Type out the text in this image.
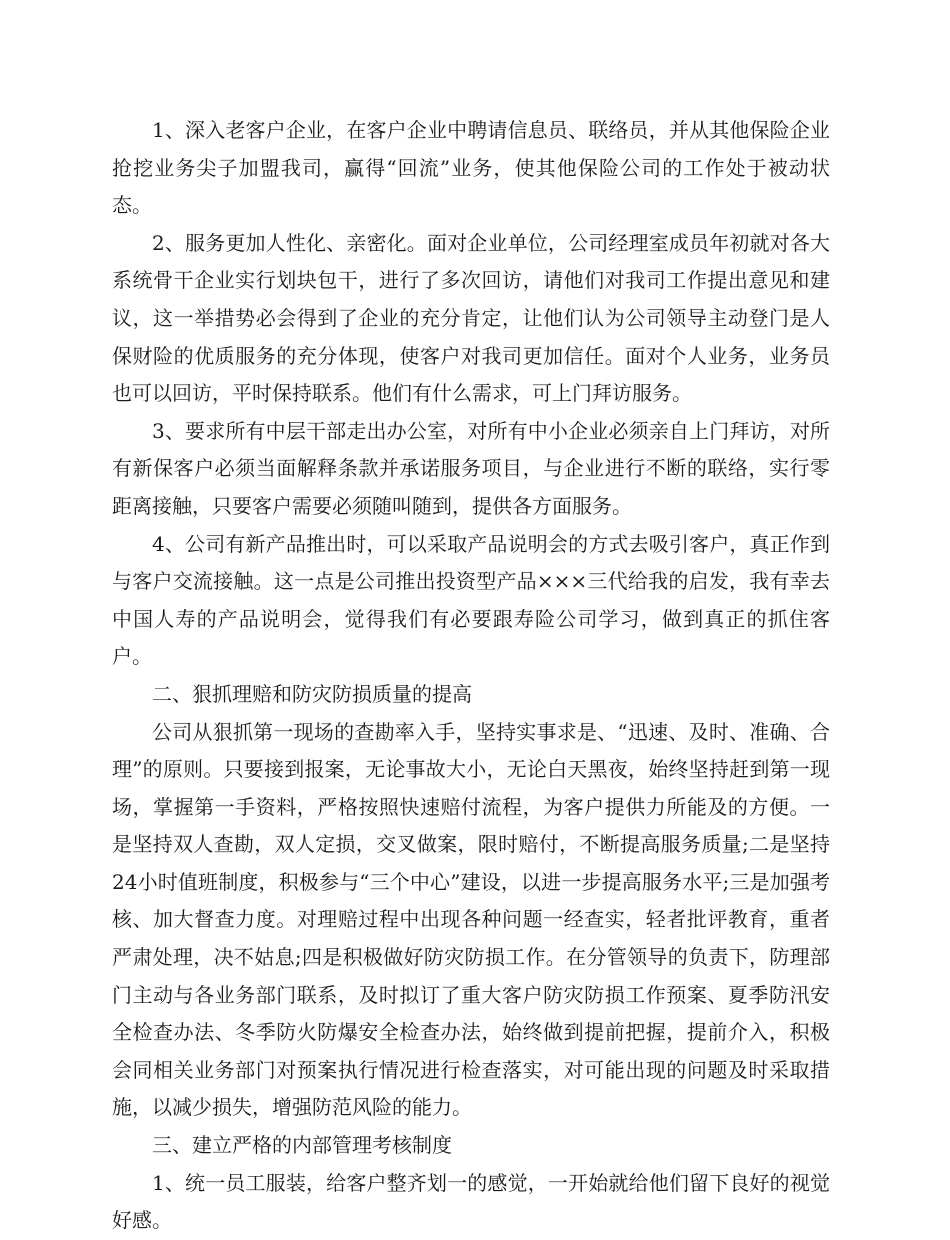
1、深入老客户企业，在客户企业中聘请信息员、联络员，并从其他保险企业抢挖业务尖子加盟我司，赢得“回流”业务，使其他保险公司的工作处于被动状态。

2、服务更加人性化、亲密化。面对企业单位，公司经理室成员年初就对各大系统骨干企业实行划块包干，进行了多次回访，请他们对我司工作提出意见和建议，这一举措势必会得到了企业的充分肯定，让他们认为公司领导主动登门是人保财险的优质服务的充分体现，使客户对我司更加信任。面对个人业务，业务员也可以回访，平时保持联系。他们有什么需求，可上门拜访服务。

3、要求所有中层干部走出办公室，对所有中小企业必须亲自上门拜访，对所有新保客户必须当面解释条款并承诺服务项目，与企业进行不断的联络，实行零距离接触，只要客户需要必须随叫随到，提供各方面服务。

4、公司有新产品推出时，可以采取产品说明会的方式去吸引客户，真正作到与客户交流接触。这一点是公司推出投资型产品×××三代给我的启发，我有幸去中国人寿的产品说明会，觉得我们有必要跟寿险公司学习，做到真正的抓住客户。

二、狠抓理赔和防灾防损质量的提高

公司从狠抓第一现场的查勘率入手，坚持实事求是、“迅速、及时、准确、合理”的原则。只要接到报案，无论事故大小，无论白天黑夜，始终坚持赶到第一现场，掌握第一手资料，严格按照快速赔付流程，为客户提供力所能及的方便。一是坚持双人查勘，双人定损，交叉做案，限时赔付，不断提高服务质量;二是坚持24小时值班制度，积极参与“三个中心”建设，以进一步提高服务水平;三是加强考核、加大督查力度。对理赔过程中出现各种问题一经查实，轻者批评教育，重者严肃处理，决不姑息;四是积极做好防灾防损工作。在分管领导的负责下，防理部门主动与各业务部门联系，及时拟订了重大客户防灾防损工作预案、夏季防汛安全检查办法、冬季防火防爆安全检查办法，始终做到提前把握，提前介入，积极会同相关业务部门对预案执行情况进行检查落实，对可能出现的问题及时采取措施，以减少损失，增强防范风险的能力。

三、建立严格的内部管理考核制度

1、统一员工服装，给客户整齐划一的感觉，一开始就给他们留下良好的视觉好感。
